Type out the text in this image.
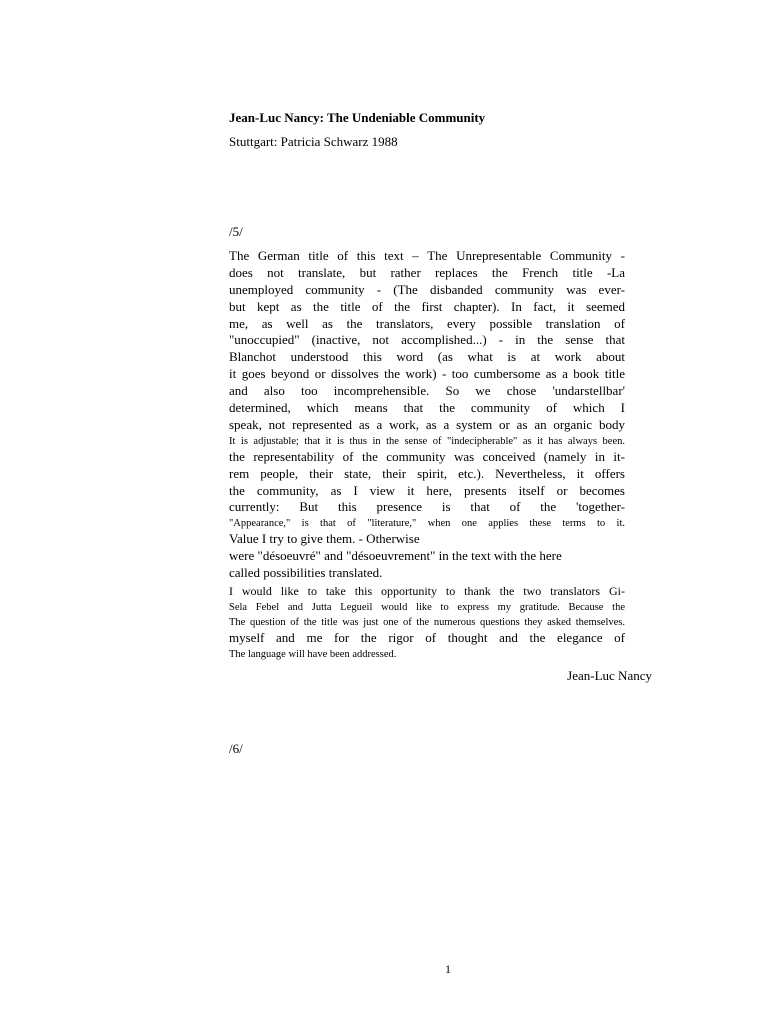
Jean-Luc Nancy: The Undeniable Community
Stuttgart: Patricia Schwarz 1988
/5/
The German title of this text – The Unrepresentable Community -
does not translate, but rather replaces the French title -La
unemployed community - (The disbanded community was ever-
but kept as the title of the first chapter). In fact, it seemed
me, as well as the translators, every possible translation of
"unoccupied" (inactive, not accomplished...) - in the sense that
Blanchot understood this word (as what is at work about
it goes beyond or dissolves the work) - too cumbersome as a book title
and also too incomprehensible. So we chose 'undarstellbar'
determined, which means that the community of which I
speak, not represented as a work, as a system or as an organic body
It is adjustable; that it is thus in the sense of "indecipherable" as it has always been.
the representability of the community was conceived (namely in it-
rem people, their state, their spirit, etc.). Nevertheless, it offers
the community, as I view it here, presents itself or becomes
currently: But this presence is that of the 'together-
"Appearance," is that of "literature," when one applies these terms to it.
Value I try to give them. - Otherwise
were "désoeuvré" and "désoeuvrement" in the text with the here
called possibilities translated.
I would like to take this opportunity to thank the two translators Gi-
Sela Febel and Jutta Legueil would like to express my gratitude. Because the
The question of the title was just one of the numerous questions they asked themselves.
myself and me for the rigor of thought and the elegance of
The language will have been addressed.
Jean-Luc Nancy
/6/
1
